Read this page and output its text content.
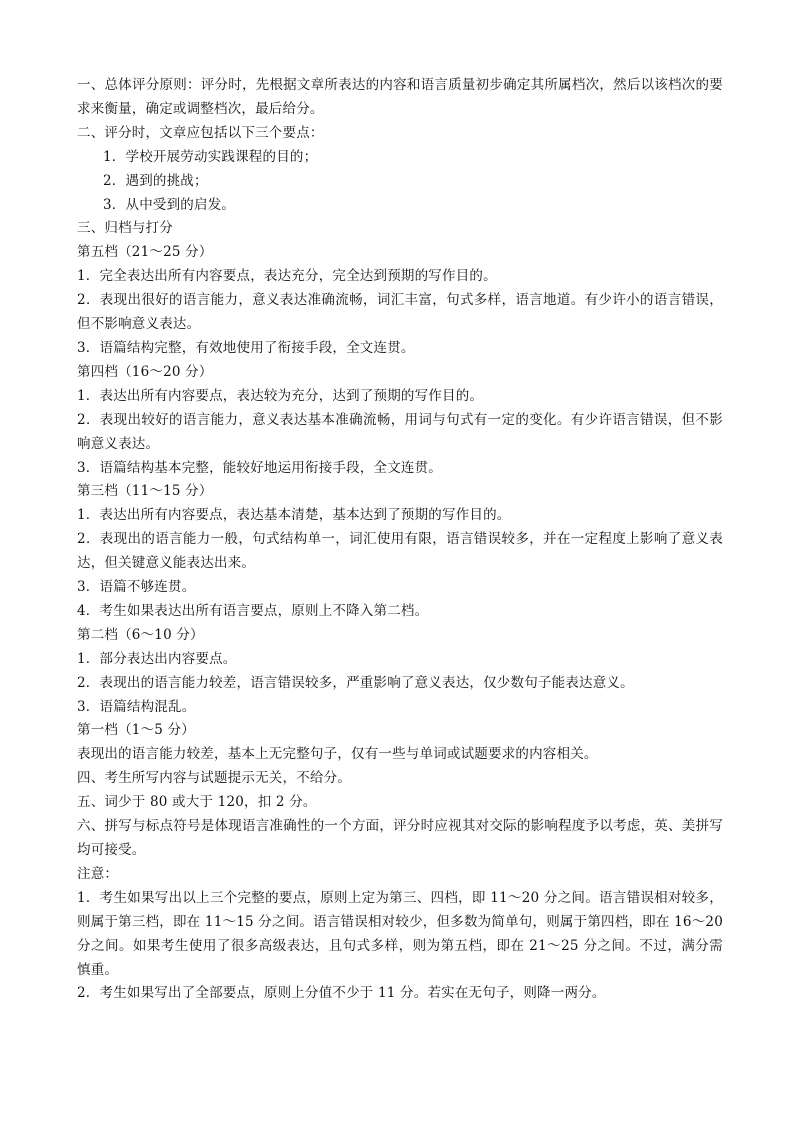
一、总体评分原则：评分时，先根据文章所表达的内容和语言质量初步确定其所属档次，然后以该档次的要求来衡量，确定或调整档次，最后给分。

二、评分时，文章应包括以下三个要点：

1．学校开展劳动实践课程的目的；

2．遇到的挑战；

3．从中受到的启发。

三、归档与打分

第五档（21～25 分）

1．完全表达出所有内容要点，表达充分，完全达到预期的写作目的。

2．表现出很好的语言能力，意义表达准确流畅，词汇丰富，句式多样，语言地道。有少许小的语言错误，但不影响意义表达。

3．语篇结构完整，有效地使用了衔接手段，全文连贯。

第四档（16～20 分）

1．表达出所有内容要点，表达较为充分，达到了预期的写作目的。

2．表现出较好的语言能力，意义表达基本准确流畅，用词与句式有一定的变化。有少许语言错误，但不影响意义表达。

3．语篇结构基本完整，能较好地运用衔接手段，全文连贯。

第三档（11～15 分）

1．表达出所有内容要点，表达基本清楚，基本达到了预期的写作目的。

2．表现出的语言能力一般，句式结构单一，词汇使用有限，语言错误较多，并在一定程度上影响了意义表达，但关键意义能表达出来。

3．语篇不够连贯。

4．考生如果表达出所有语言要点，原则上不降入第二档。

第二档（6～10 分）

1．部分表达出内容要点。

2．表现出的语言能力较差，语言错误较多，严重影响了意义表达，仅少数句子能表达意义。

3．语篇结构混乱。

第一档（1～5 分）

表现出的语言能力较差，基本上无完整句子，仅有一些与单词或试题要求的内容相关。

四、考生所写内容与试题提示无关，不给分。

五、词少于 80 或大于 120，扣 2 分。

六、拼写与标点符号是体现语言准确性的一个方面，评分时应视其对交际的影响程度予以考虑，英、美拼写均可接受。

注意：

1．考生如果写出以上三个完整的要点，原则上定为第三、四档，即 11～20 分之间。语言错误相对较多，则属于第三档，即在 11～15 分之间。语言错误相对较少，但多数为简单句，则属于第四档，即在 16～20 分之间。如果考生使用了很多高级表达，且句式多样，则为第五档，即在 21～25 分之间。不过，满分需慎重。

2．考生如果写出了全部要点，原则上分值不少于 11 分。若实在无句子，则降一两分。
